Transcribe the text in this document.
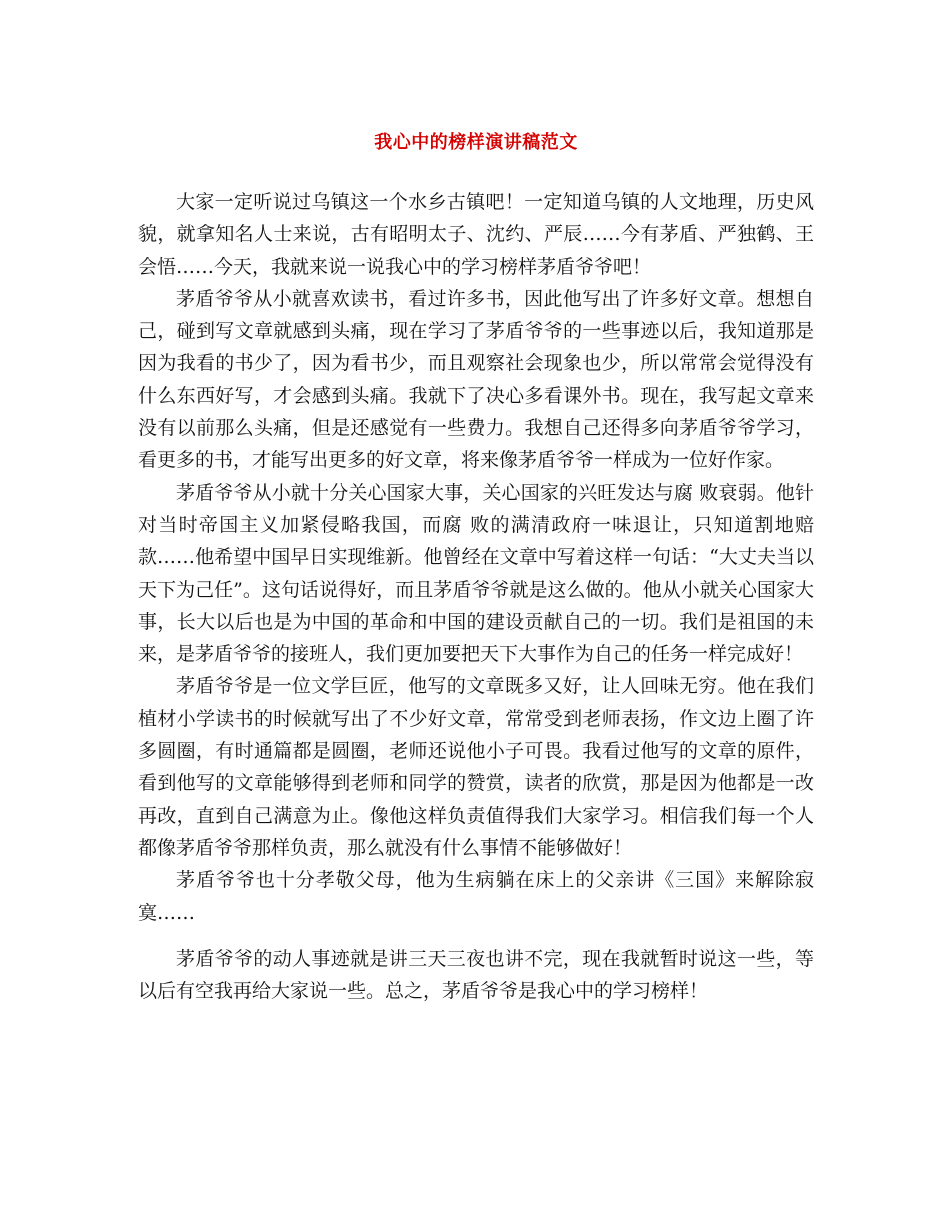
我心中的榜样演讲稿范文

大家一定听说过乌镇这一个水乡古镇吧！一定知道乌镇的人文地理，历史风貌，就拿知名人士来说，古有昭明太子、沈约、严辰……今有茅盾、严独鹤、王会悟……今天，我就来说一说我心中的学习榜样茅盾爷爷吧！

茅盾爷爷从小就喜欢读书，看过许多书，因此他写出了许多好文章。想想自己，碰到写文章就感到头痛，现在学习了茅盾爷爷的一些事迹以后，我知道那是因为我看的书少了，因为看书少，而且观察社会现象也少，所以常常会觉得没有什么东西好写，才会感到头痛。我就下了决心多看课外书。现在，我写起文章来没有以前那么头痛，但是还感觉有一些费力。我想自己还得多向茅盾爷爷学习，看更多的书，才能写出更多的好文章，将来像茅盾爷爷一样成为一位好作家。

茅盾爷爷从小就十分关心国家大事，关心国家的兴旺发达与腐 败衰弱。他针对当时帝国主义加紧侵略我国，而腐 败的满清政府一味退让，只知道割地赔款……他希望中国早日实现维新。他曾经在文章中写着这样一句话：“大丈夫当以天下为己任”。这句话说得好，而且茅盾爷爷就是这么做的。他从小就关心国家大事，长大以后也是为中国的革命和中国的建设贡献自己的一切。我们是祖国的未来，是茅盾爷爷的接班人，我们更加要把天下大事作为自己的任务一样完成好！

茅盾爷爷是一位文学巨匠，他写的文章既多又好，让人回味无穷。他在我们植材小学读书的时候就写出了不少好文章，常常受到老师表扬，作文边上圈了许多圆圈，有时通篇都是圆圈，老师还说他小子可畏。我看过他写的文章的原件，看到他写的文章能够得到老师和同学的赞赏，读者的欣赏，那是因为他都是一改再改，直到自己满意为止。像他这样负责值得我们大家学习。相信我们每一个人都像茅盾爷爷那样负责，那么就没有什么事情不能够做好！

茅盾爷爷也十分孝敬父母，他为生病躺在床上的父亲讲《三国》来解除寂寞……

茅盾爷爷的动人事迹就是讲三天三夜也讲不完，现在我就暂时说这一些，等以后有空我再给大家说一些。总之，茅盾爷爷是我心中的学习榜样！
